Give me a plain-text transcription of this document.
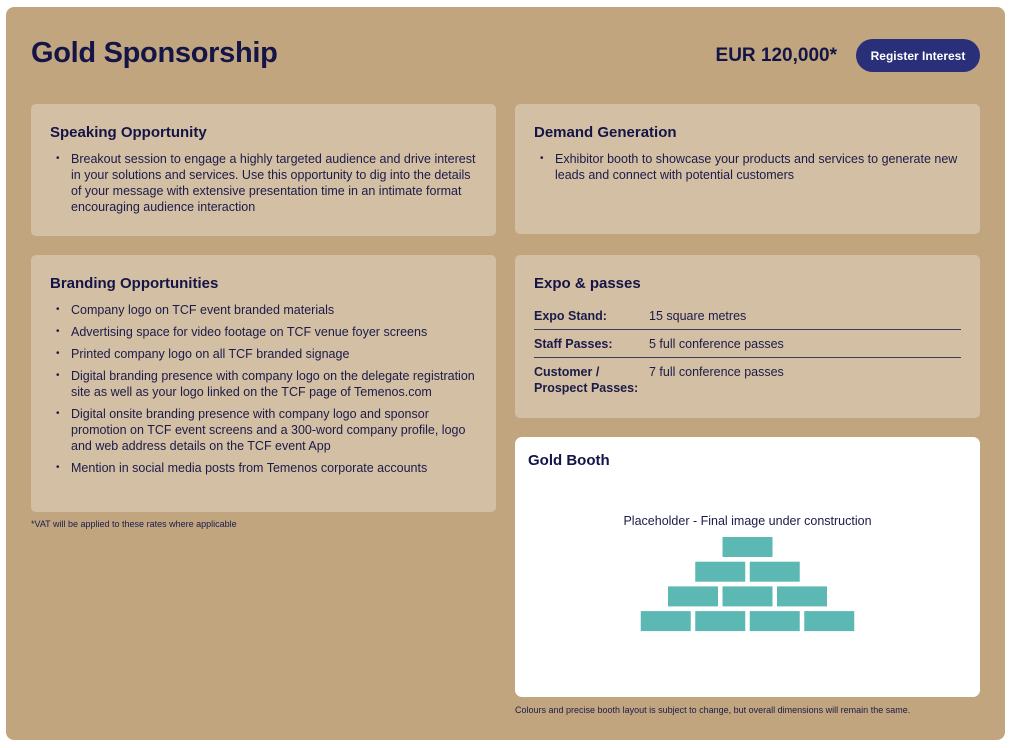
Gold Sponsorship	EUR 120,000*	Register Interest
Speaking Opportunity
• Breakout session to engage a highly targeted audience and drive interest in your solutions and services. Use this opportunity to dig into the details of your message with extensive presentation time in an intimate format encouraging audience interaction
Demand Generation
• Exhibitor booth to showcase your products and services to generate new leads and connect with potential customers
Branding Opportunities
• Company logo on TCF event branded materials
• Advertising space for video footage on TCF venue foyer screens
• Printed company logo on all TCF branded signage
• Digital branding presence with company logo on the delegate registration site as well as your logo linked on the TCF page of Temenos.com
• Digital onsite branding presence with company logo and sponsor promotion on TCF event screens and a 300-word company profile, logo and web address details on the TCF event App
• Mention in social media posts from Temenos corporate accounts
Expo & passes
Expo Stand:	15 square metres
Staff Passes:	5 full conference passes
Customer / Prospect Passes:	7 full conference passes
*VAT will be applied to these rates where applicable
Gold Booth
Placeholder - Final image under construction
Colours and precise booth layout is subject to change, but overall dimensions will remain the same.
